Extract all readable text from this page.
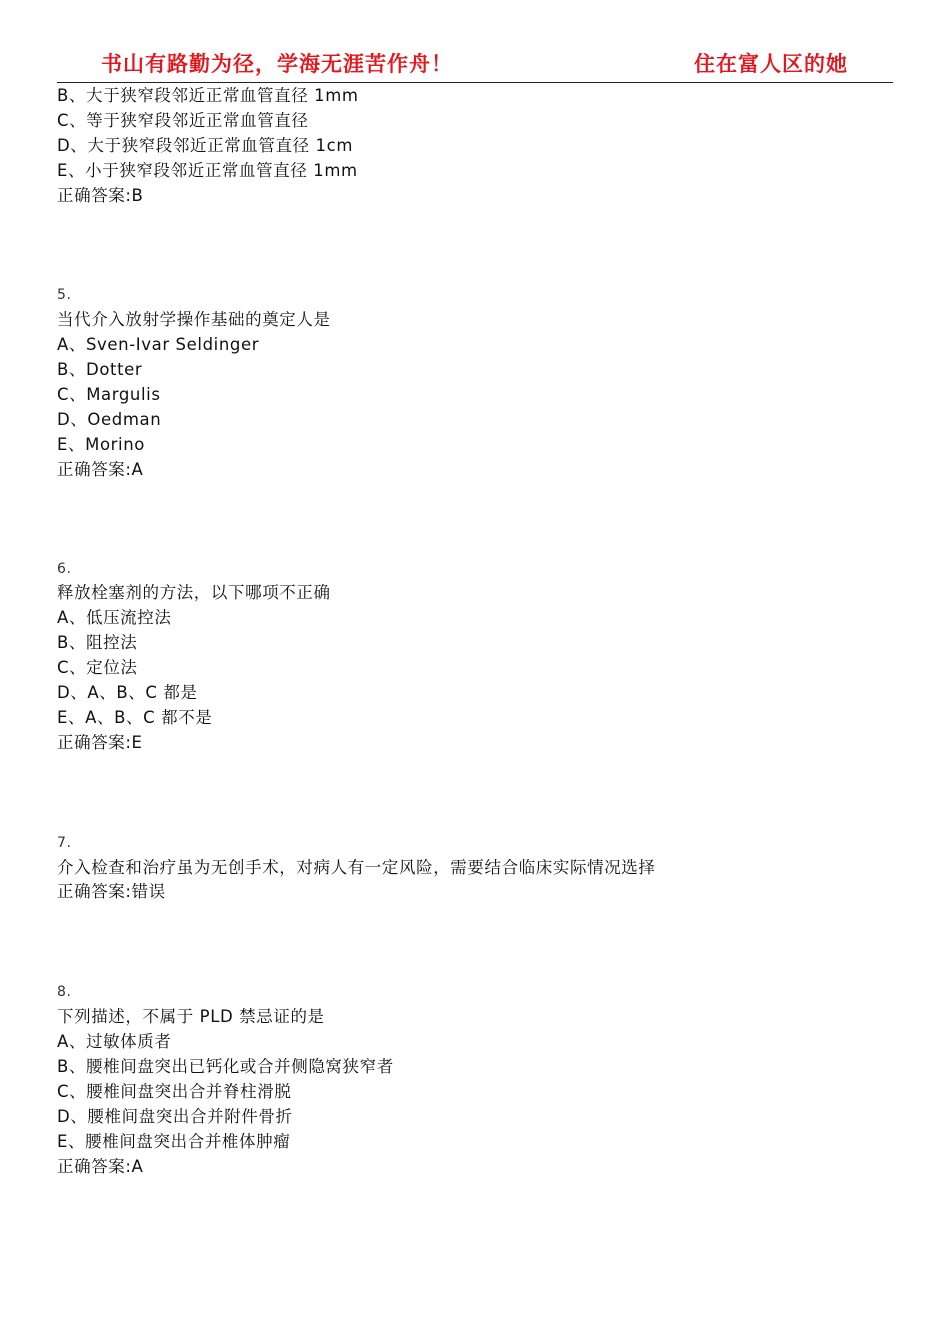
书山有路勤为径，学海无涯苦作舟！	住在富人区的她
B、大于狭窄段邻近正常血管直径 1mm
C、等于狭窄段邻近正常血管直径
D、大于狭窄段邻近正常血管直径 1cm
E、小于狭窄段邻近正常血管直径 1mm
正确答案:B
5.
当代介入放射学操作基础的奠定人是
A、Sven-Ivar Seldinger
B、Dotter
C、Margulis
D、Oedman
E、Morino
正确答案:A
6.
释放栓塞剂的方法，以下哪项不正确
A、低压流控法
B、阻控法
C、定位法
D、A、B、C 都是
E、A、B、C 都不是
正确答案:E
7.
介入检查和治疗虽为无创手术，对病人有一定风险，需要结合临床实际情况选择
正确答案:错误
8.
下列描述，不属于 PLD 禁忌证的是
A、过敏体质者
B、腰椎间盘突出已钙化或合并侧隐窝狭窄者
C、腰椎间盘突出合并脊柱滑脱
D、腰椎间盘突出合并附件骨折
E、腰椎间盘突出合并椎体肿瘤
正确答案:A
